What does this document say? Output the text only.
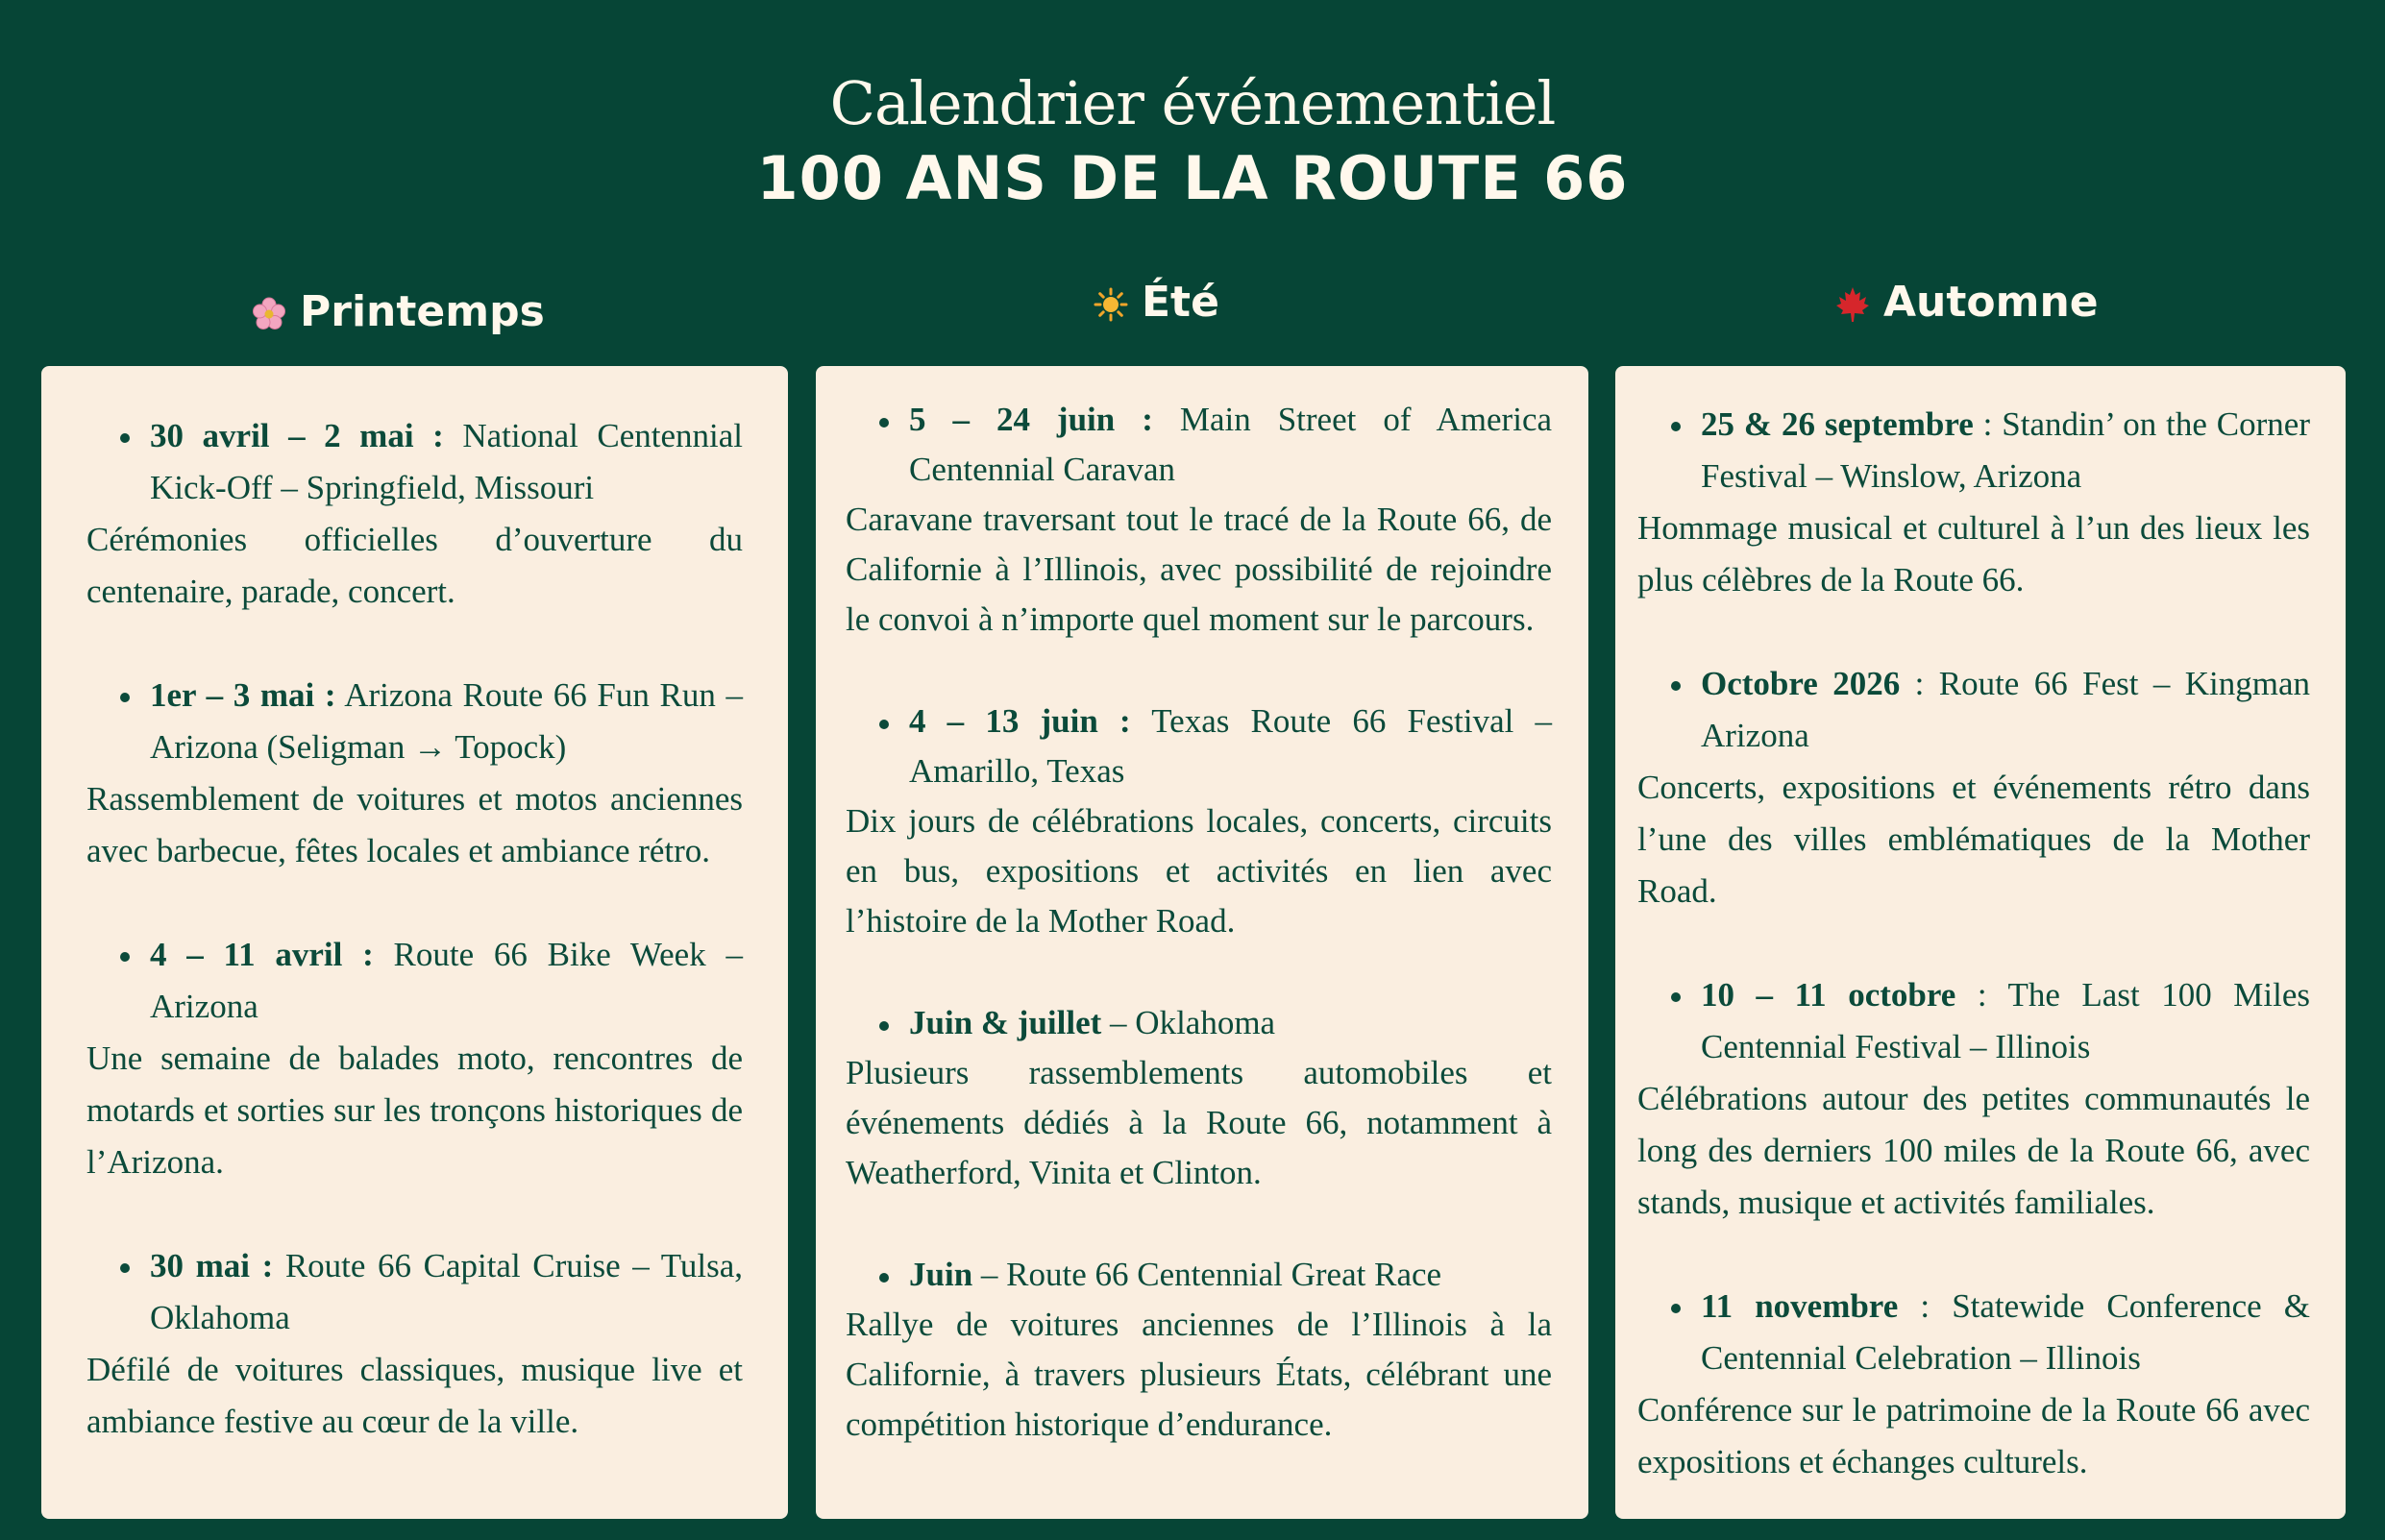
Calendrier événementiel
100 ANS DE LA ROUTE 66
Printemps	Été	Automne
30 avril – 2 mai : National Centennial Kick-Off – Springfield, Missouri
Cérémonies officielles d’ouverture du centenaire, parade, concert.
1er – 3 mai : Arizona Route 66 Fun Run – Arizona (Seligman → Topock)
Rassemblement de voitures et motos anciennes avec barbecue, fêtes locales et ambiance rétro.
4 – 11 avril : Route 66 Bike Week – Arizona
Une semaine de balades moto, rencontres de motards et sorties sur les tronçons historiques de l’Arizona.
30 mai : Route 66 Capital Cruise – Tulsa, Oklahoma
Défilé de voitures classiques, musique live et ambiance festive au cœur de la ville.
5 – 24 juin : Main Street of America Centennial Caravan
Caravane traversant tout le tracé de la Route 66, de Californie à l’Illinois, avec possibilité de rejoindre le convoi à n’importe quel moment sur le parcours.
4 – 13 juin : Texas Route 66 Festival – Amarillo, Texas
Dix jours de célébrations locales, concerts, circuits en bus, expositions et activités en lien avec l’histoire de la Mother Road.
Juin & juillet – Oklahoma
Plusieurs rassemblements automobiles et événements dédiés à la Route 66, notamment à Weatherford, Vinita et Clinton.
Juin – Route 66 Centennial Great Race
Rallye de voitures anciennes de l’Illinois à la Californie, à travers plusieurs États, célébrant une compétition historique d’endurance.
25 & 26 septembre : Standin’ on the Corner Festival – Winslow, Arizona
Hommage musical et culturel à l’un des lieux les plus célèbres de la Route 66.
Octobre 2026 : Route 66 Fest – Kingman Arizona
Concerts, expositions et événements rétro dans l’une des villes emblématiques de la Mother Road.
10 – 11 octobre : The Last 100 Miles Centennial Festival – Illinois
Célébrations autour des petites communautés le long des derniers 100 miles de la Route 66, avec stands, musique et activités familiales.
11 novembre : Statewide Conference & Centennial Celebration – Illinois
Conférence sur le patrimoine de la Route 66 avec expositions et échanges culturels.
